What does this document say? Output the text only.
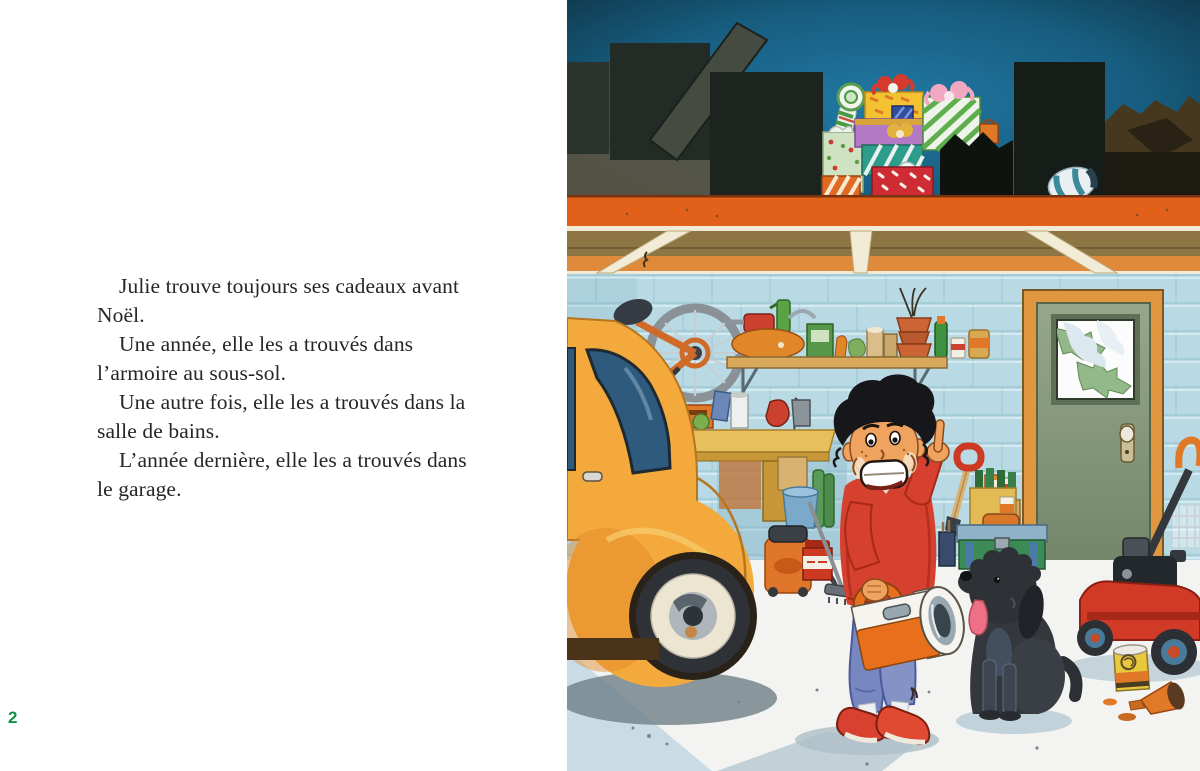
Julie trouve toujours ses cadeaux avant Noël.

Une année, elle les a trouvés dans l’armoire au sous-sol.

Une autre fois, elle les a trouvés dans la salle de bains.

L’année dernière, elle les a trouvés dans le garage.

2
